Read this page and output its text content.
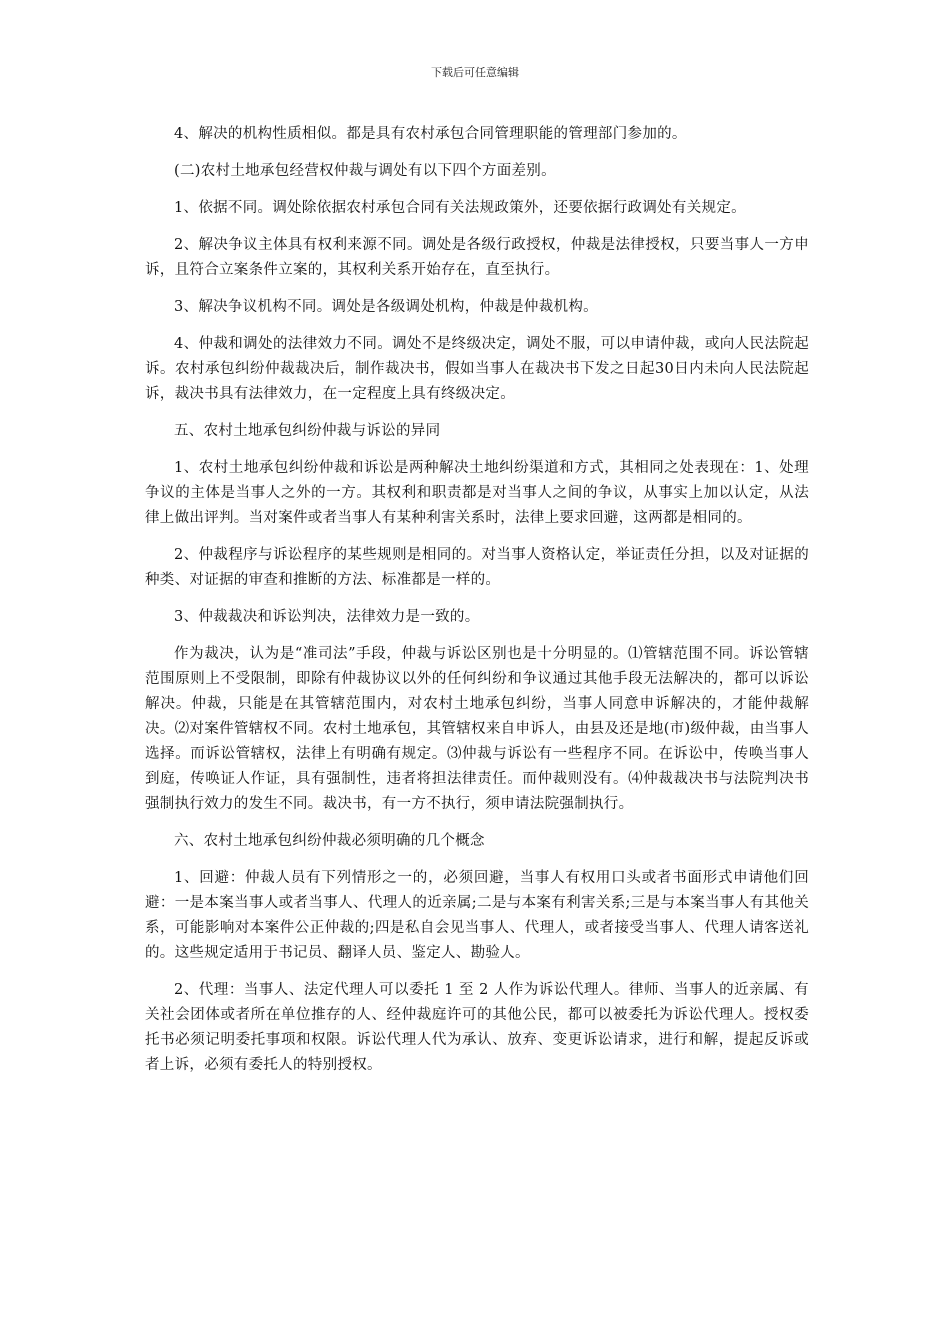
下载后可任意编辑

4、解决的机构性质相似。都是具有农村承包合同管理职能的管理部门参加的。

(二)农村土地承包经营权仲裁与调处有以下四个方面差别。

1、依据不同。调处除依据农村承包合同有关法规政策外，还要依据行政调处有关规定。

2、解决争议主体具有权利来源不同。调处是各级行政授权，仲裁是法律授权，只要当事人一方申诉，且符合立案条件立案的，其权利关系开始存在，直至执行。

3、解决争议机构不同。调处是各级调处机构，仲裁是仲裁机构。

4、仲裁和调处的法律效力不同。调处不是终级决定，调处不服，可以申请仲裁，或向人民法院起诉。农村承包纠纷仲裁裁决后，制作裁决书，假如当事人在裁决书下发之日起30日内未向人民法院起诉，裁决书具有法律效力，在一定程度上具有终级决定。

五、农村土地承包纠纷仲裁与诉讼的异同

1、农村土地承包纠纷仲裁和诉讼是两种解决土地纠纷渠道和方式，其相同之处表现在：1、处理争议的主体是当事人之外的一方。其权利和职责都是对当事人之间的争议，从事实上加以认定，从法律上做出评判。当对案件或者当事人有某种利害关系时，法律上要求回避，这两都是相同的。

2、仲裁程序与诉讼程序的某些规则是相同的。对当事人资格认定，举证责任分担，以及对证据的种类、对证据的审查和推断的方法、标准都是一样的。

3、仲裁裁决和诉讼判决，法律效力是一致的。

作为裁决，认为是“准司法”手段，仲裁与诉讼区别也是十分明显的。⑴管辖范围不同。诉讼管辖范围原则上不受限制，即除有仲裁协议以外的任何纠纷和争议通过其他手段无法解决的，都可以诉讼解决。仲裁，只能是在其管辖范围内，对农村土地承包纠纷，当事人同意申诉解决的，才能仲裁解决。⑵对案件管辖权不同。农村土地承包，其管辖权来自申诉人，由县及还是地(市)级仲裁，由当事人选择。而诉讼管辖权，法律上有明确有规定。⑶仲裁与诉讼有一些程序不同。在诉讼中，传唤当事人到庭，传唤证人作证，具有强制性，违者将担法律责任。而仲裁则没有。⑷仲裁裁决书与法院判决书强制执行效力的发生不同。裁决书，有一方不执行，须申请法院强制执行。

六、农村土地承包纠纷仲裁必须明确的几个概念

1、回避：仲裁人员有下列情形之一的，必须回避，当事人有权用口头或者书面形式申请他们回避：一是本案当事人或者当事人、代理人的近亲属;二是与本案有利害关系;三是与本案当事人有其他关系，可能影响对本案件公正仲裁的;四是私自会见当事人、代理人，或者接受当事人、代理人请客送礼的。这些规定适用于书记员、翻译人员、鉴定人、勘验人。

2、代理：当事人、法定代理人可以委托 1 至 2 人作为诉讼代理人。律师、当事人的近亲属、有关社会团体或者所在单位推存的人、经仲裁庭许可的其他公民，都可以被委托为诉讼代理人。授权委托书必须记明委托事项和权限。诉讼代理人代为承认、放弃、变更诉讼请求，进行和解，提起反诉或者上诉，必须有委托人的特别授权。
